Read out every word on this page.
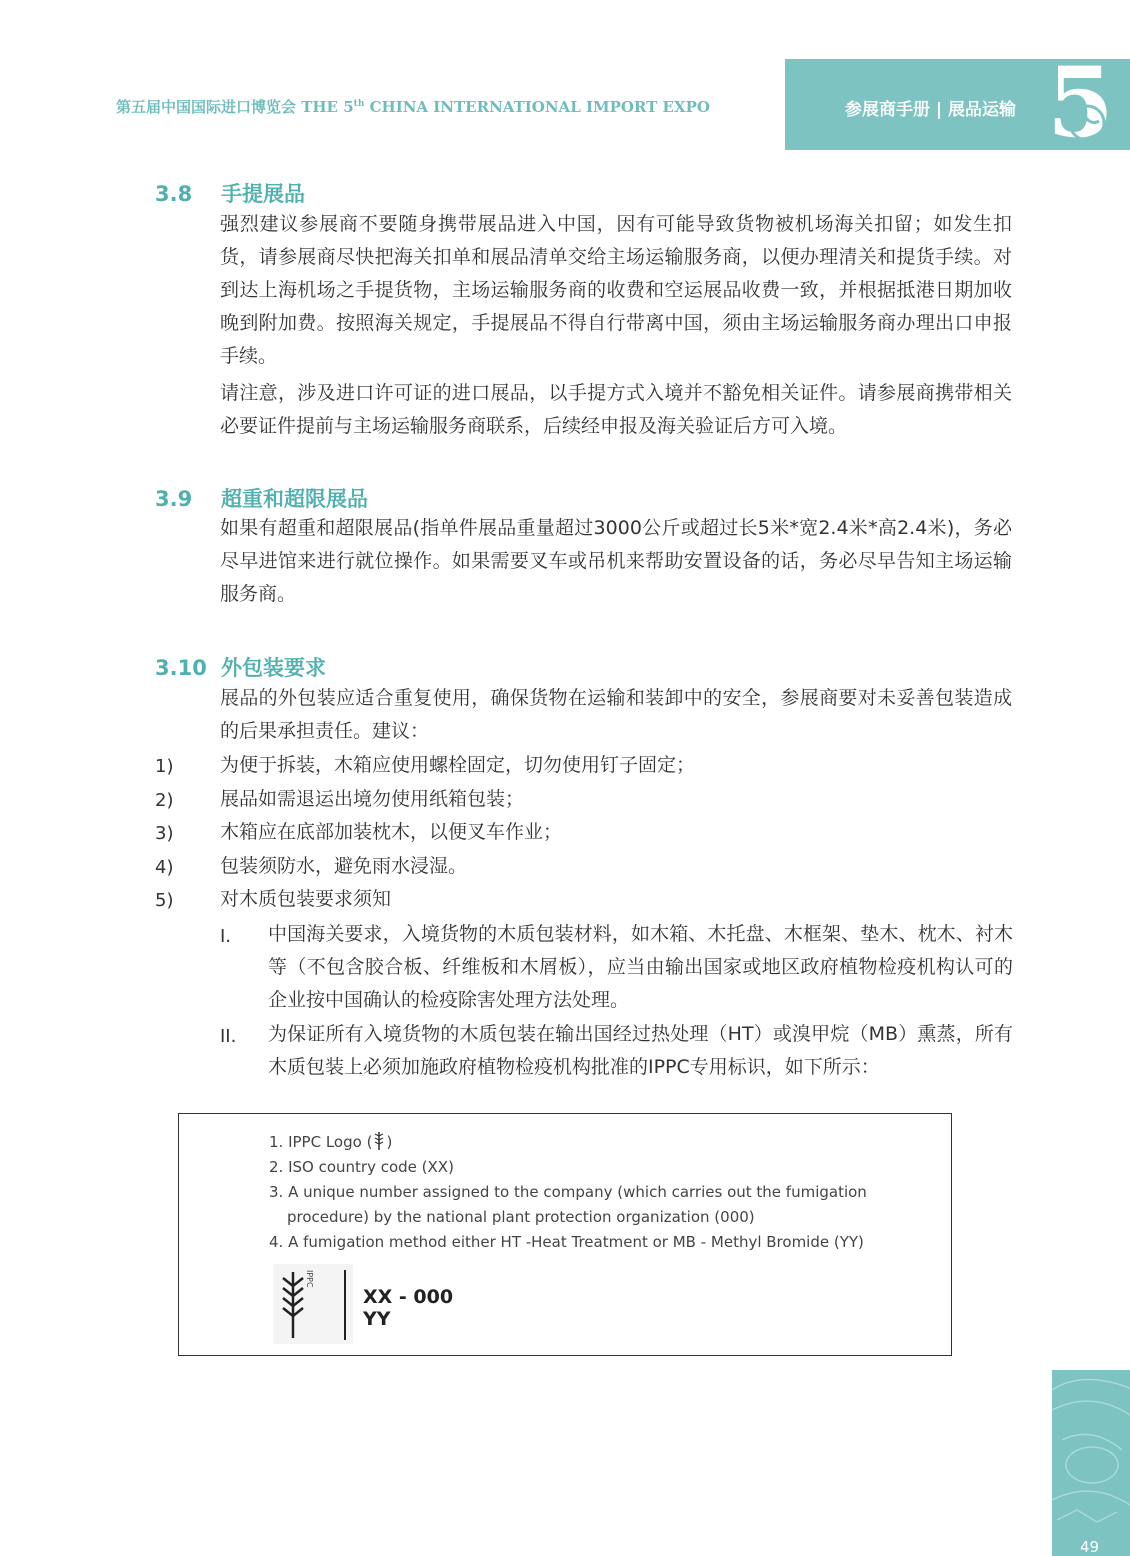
第五届中国国际进口博览会 THE 5th CHINA INTERNATIONAL IMPORT EXPO	参展商手册 | 展品运输 5
3.8 手提展品
强烈建议参展商不要随身携带展品进入中国，因有可能导致货物被机场海关扣留；如发生扣货，请参展商尽快把海关扣单和展品清单交给主场运输服务商，以便办理清关和提货手续。对到达上海机场之手提货物，主场运输服务商的收费和空运展品收费一致，并根据抵港日期加收晚到附加费。按照海关规定，手提展品不得自行带离中国，须由主场运输服务商办理出口申报手续。
请注意，涉及进口许可证的进口展品，以手提方式入境并不豁免相关证件。请参展商携带相关必要证件提前与主场运输服务商联系，后续经申报及海关验证后方可入境。
3.9 超重和超限展品
如果有超重和超限展品(指单件展品重量超过3000公斤或超过长5米*宽2.4米*高2.4米)，务必尽早进馆来进行就位操作。如果需要叉车或吊机来帮助安置设备的话，务必尽早告知主场运输服务商。
3.10 外包装要求
展品的外包装应适合重复使用，确保货物在运输和装卸中的安全，参展商要对未妥善包装造成的后果承担责任。建议：
1) 为便于拆装，木箱应使用螺栓固定，切勿使用钉子固定；
2) 展品如需退运出境勿使用纸箱包装；
3) 木箱应在底部加装枕木，以便叉车作业；
4) 包装须防水，避免雨水浸湿。
5) 对木质包装要求须知
I. 中国海关要求，入境货物的木质包装材料，如木箱、木托盘、木框架、垫木、枕木、衬木等（不包含胶合板、纤维板和木屑板），应当由输出国家或地区政府植物检疫机构认可的企业按中国确认的检疫除害处理方法处理。
II. 为保证所有入境货物的木质包装在输出国经过热处理（HT）或溴甲烷（MB）熏蒸，所有木质包装上必须加施政府植物检疫机构批准的IPPC专用标识，如下所示：
1. IPPC Logo ( )
2. ISO country code (XX)
3. A unique number assigned to the company (which carries out the fumigation
procedure) by the national plant protection organization (000)
4. A fumigation method either HT -Heat Treatment or MB - Methyl Bromide (YY)
IPPC
XX - 000
YY
49
